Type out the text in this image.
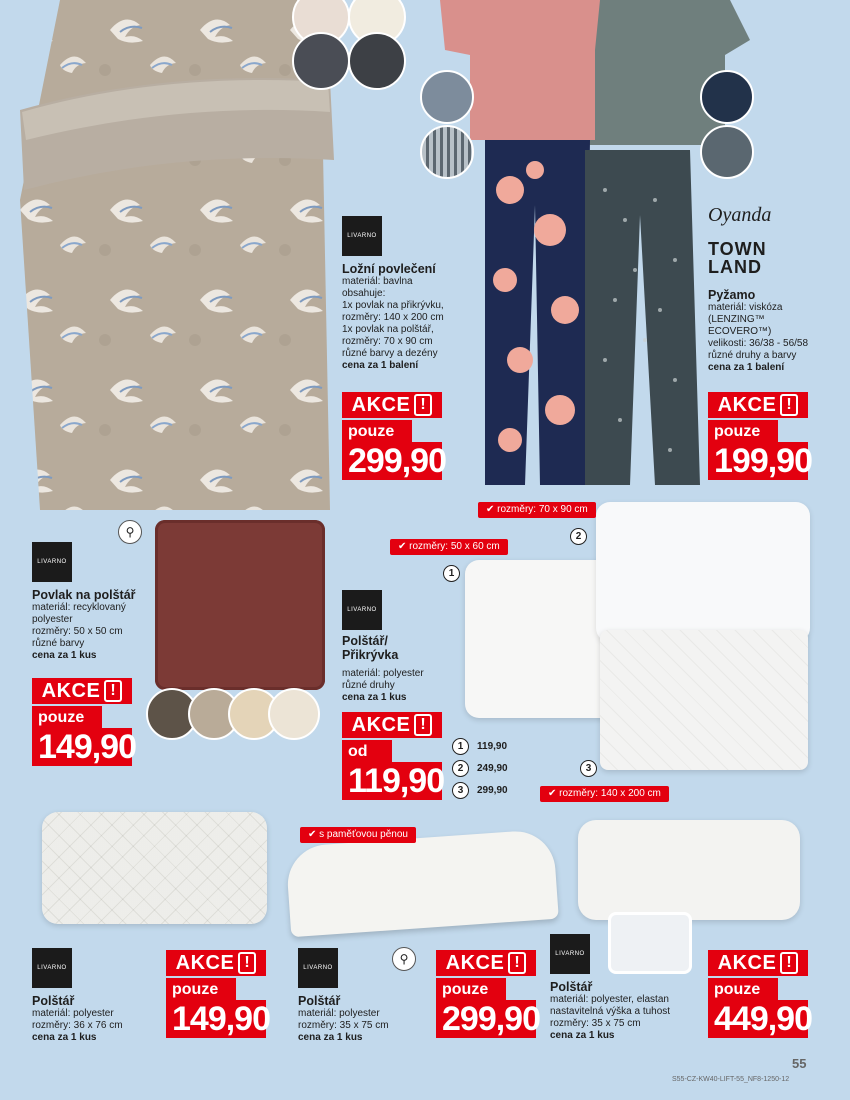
LIVARNO
Ložní povlečení
materiál: bavlna
obsahuje:
1x povlak na přikrývku,
rozměry: 140 x 200 cm
1x povlak na polštář,
rozměry: 70 x 90 cm
různé barvy a dezény
cena za 1 balení
AKCE !
pouze
299,90
Oyanda
TOWN
LAND
Pyžamo
materiál: viskóza
(LENZING™
ECOVERO™)
velikosti: 36/38 - 56/58
různé druhy a barvy
cena za 1 balení
AKCE !
pouze
199,90
⚲
LIVARNO
Povlak na polštář
materiál: recyklovaný
polyester
rozměry: 50 x 50 cm
různé barvy
cena za 1 kus
AKCE !
pouze
149,90
✔ rozměry: 50 x 60 cm
✔ rozměry: 70 x 90 cm
✔ rozměry: 140 x 200 cm
1
2
3
LIVARNO
Polštář/
Přikrývka
materiál: polyester
různé druhy
cena za 1 kus
AKCE !
od
119,90
1	119,90
2	249,90
3	299,90
✔ s paměťovou pěnou
⚲
LIVARNO
Polštář
materiál: polyester
rozměry: 36 x 76 cm
cena za 1 kus
AKCE !
pouze
149,90
LIVARNO
Polštář
materiál: polyester
rozměry: 35 x 75 cm
cena za 1 kus
AKCE !
pouze
299,90
LIVARNO
Polštář
materiál: polyester, elastan
nastavitelná výška a tuhost
rozměry: 35 x 75 cm
cena za 1 kus
AKCE !
pouze
449,90
55
S55-CZ-KW40-LIFT-55_NF8-1250-12
